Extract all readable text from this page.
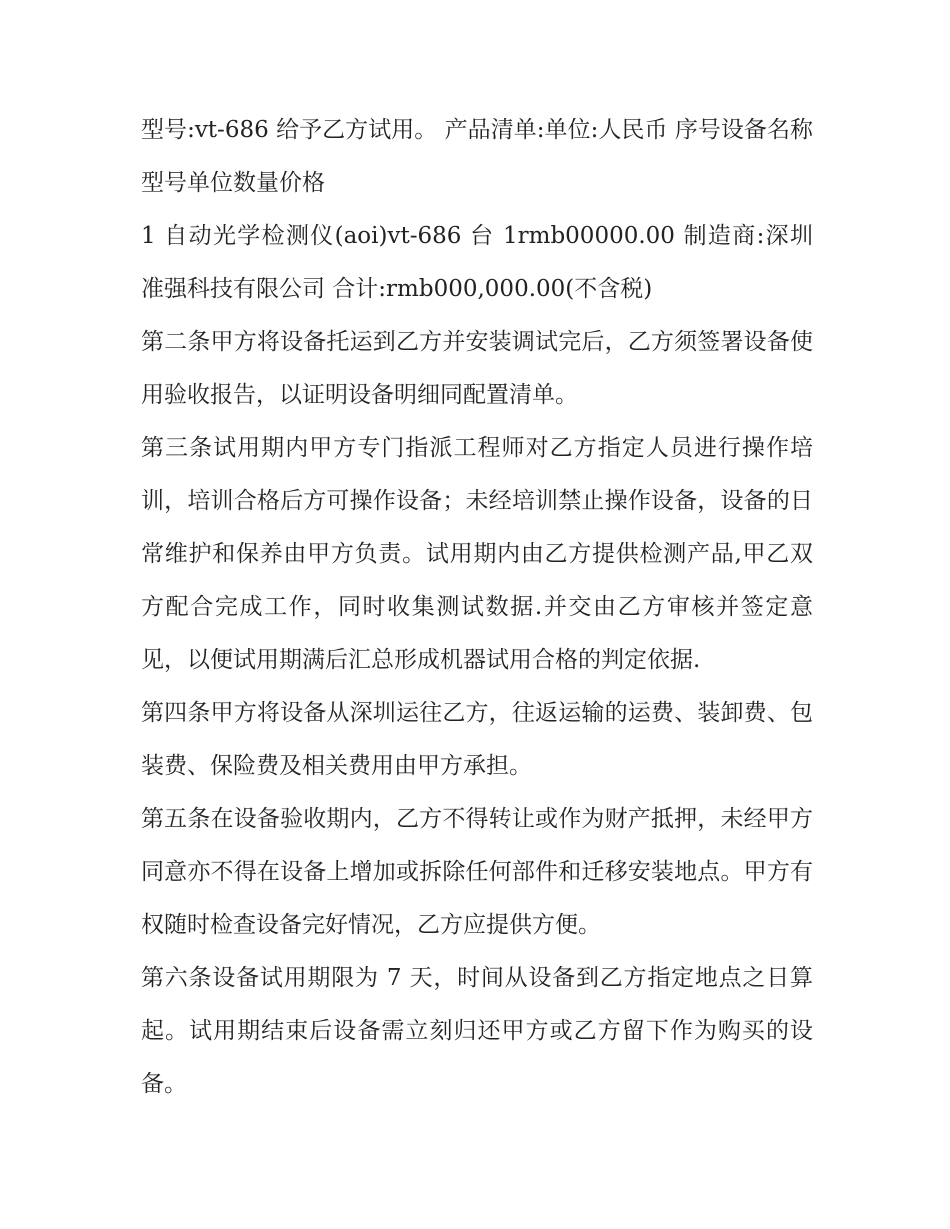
型号:vt-686 给予乙方试用。 产品清单:单位:人民币 序号设备名称型号单位数量价格

1 自动光学检测仪(aoi)vt-686 台 1rmb00000.00 制造商:深圳准强科技有限公司 合计:rmb000,000.00(不含税)

第二条甲方将设备托运到乙方并安装调试完后，乙方须签署设备使用验收报告，以证明设备明细同配置清单。

第三条试用期内甲方专门指派工程师对乙方指定人员进行操作培训，培训合格后方可操作设备；未经培训禁止操作设备，设备的日常维护和保养由甲方负责。试用期内由乙方提供检测产品,甲乙双方配合完成工作，同时收集测试数据.并交由乙方审核并签定意见，以便试用期满后汇总形成机器试用合格的判定依据.

第四条甲方将设备从深圳运往乙方，往返运输的运费、装卸费、包装费、保险费及相关费用由甲方承担。

第五条在设备验收期内，乙方不得转让或作为财产抵押，未经甲方同意亦不得在设备上增加或拆除任何部件和迁移安装地点。甲方有权随时检查设备完好情况，乙方应提供方便。

第六条设备试用期限为 7 天，时间从设备到乙方指定地点之日算起。试用期结束后设备需立刻归还甲方或乙方留下作为购买的设备。
